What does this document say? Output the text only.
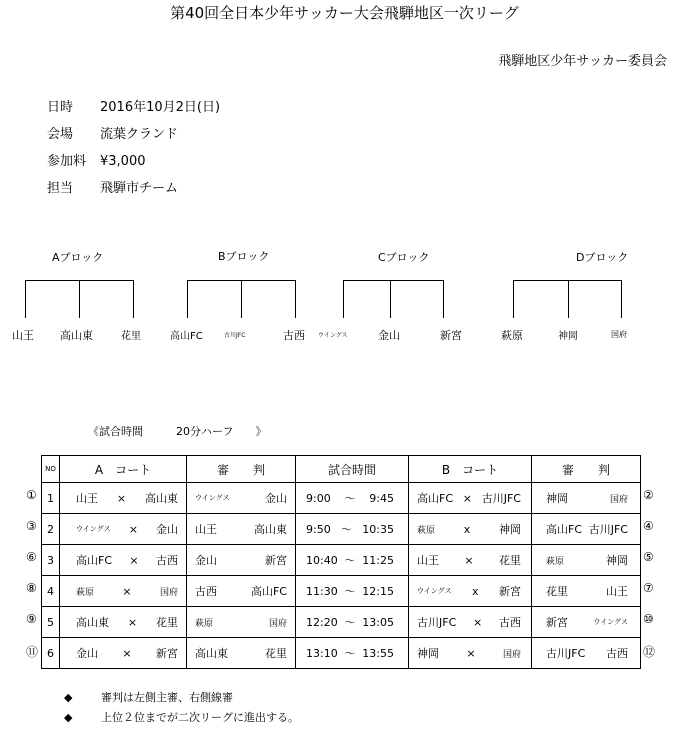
第40回全日本少年サッカー大会飛騨地区一次リーグ
飛騨地区少年サッカー委員会
日時 2016年10月2日(日)
会場 流葉クランド
参加料 ¥3,000
担当 飛騨市チーム
Aブロック	Bブロック	Cブロック	Dブロック
山王 高山東	花里	高山FC	古川JFC	古西 ウイングス	金山	新宮	萩原	神岡	国府
《試合時間　　　20分ハーフ　　》
NO	A　コート	審　　判	試合時間	B　コート	審　　判
1	山王 × 高山東	ウイングス 金山	9:00 ～ 9:45	高山FC × 古川JFC	神岡 国府

2	ウイングス × 金山	山王 高山東	9:50 ～ 10:35	萩原 x 神岡	高山FC 古川JFC

3	高山FC × 古西	金山 新宮	10:40 ～ 11:25	山王 × 花里	萩原 神岡

4	萩原 × 国府	古西 高山FC	11:30 ～ 12:15	ウイングス x 新宮	花里 山王

5	高山東 × 花里	萩原 国府	12:20 ～ 13:05	古川JFC × 古西	新宮 ウイングス

6	金山 × 新宮	高山東 花里	13:10 ～ 13:55	神岡 × 国府	古川JFC 古西
①	②
③	④
⑥	⑤
⑧	⑦
⑨	⑩
⑪	⑫
◆	審判は左側主審、右側線審
◆	上位２位までが二次リーグに進出する。
